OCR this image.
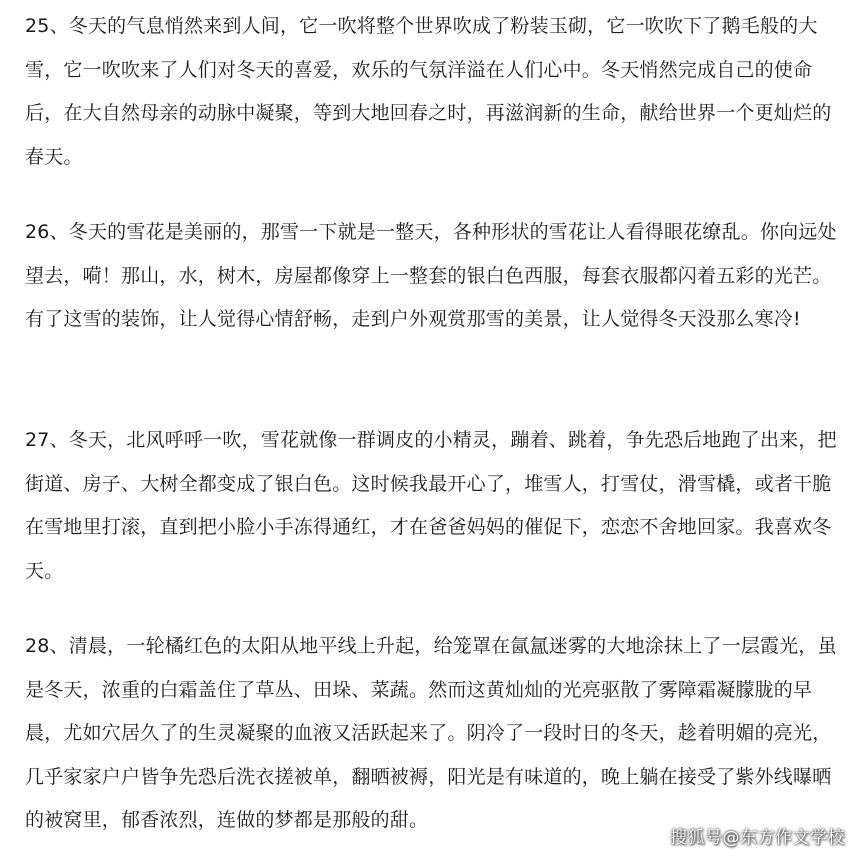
25、冬天的气息悄然来到人间，它一吹将整个世界吹成了粉装玉砌，它一吹吹下了鹅毛般的大雪，它一吹吹来了人们对冬天的喜爱，欢乐的气氛洋溢在人们心中。冬天悄然完成自己的使命后，在大自然母亲的动脉中凝聚，等到大地回春之时，再滋润新的生命，献给世界一个更灿烂的春天。

26、冬天的雪花是美丽的，那雪一下就是一整天，各种形状的雪花让人看得眼花缭乱。你向远处望去，嗬！那山，水，树木，房屋都像穿上一整套的银白色西服，每套衣服都闪着五彩的光芒。有了这雪的装饰，让人觉得心情舒畅，走到户外观赏那雪的美景，让人觉得冬天没那么寒冷!

27、冬天，北风呼呼一吹，雪花就像一群调皮的小精灵，蹦着、跳着，争先恐后地跑了出来，把街道、房子、大树全都变成了银白色。这时候我最开心了，堆雪人，打雪仗，滑雪橇，或者干脆在雪地里打滚，直到把小脸小手冻得通红，才在爸爸妈妈的催促下，恋恋不舍地回家。我喜欢冬天。

28、清晨，一轮橘红色的太阳从地平线上升起，给笼罩在氤氲迷雾的大地涂抹上了一层霞光，虽是冬天，浓重的白霜盖住了草丛、田垛、菜蔬。然而这黄灿灿的光亮驱散了雾障霜凝朦胧的早晨，尤如穴居久了的生灵凝聚的血液又活跃起来了。阴冷了一段时日的冬天，趁着明媚的亮光，几乎家家户户皆争先恐后洗衣搓被单，翻晒被褥，阳光是有味道的，晚上躺在接受了紫外线曝晒的被窝里，郁香浓烈，连做的梦都是那般的甜。

搜狐号@东方作文学校
